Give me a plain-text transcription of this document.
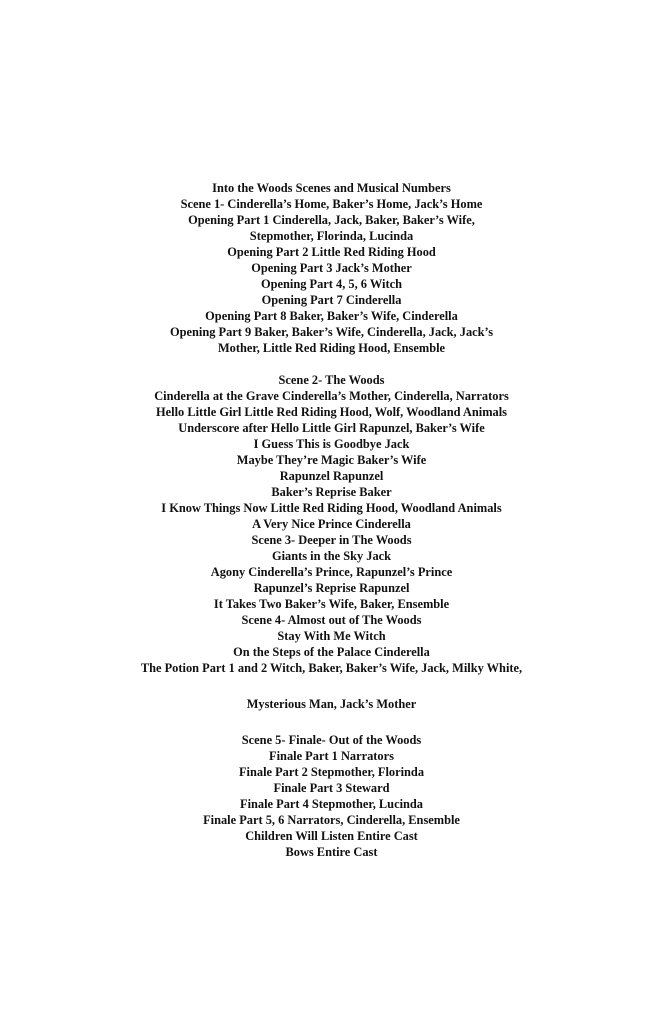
Into the Woods Scenes and Musical Numbers
Scene 1- Cinderella’s Home, Baker’s Home, Jack’s Home
Opening Part 1 Cinderella, Jack, Baker, Baker’s Wife,
Stepmother, Florinda, Lucinda
Opening Part 2 Little Red Riding Hood
Opening Part 3 Jack’s Mother
Opening Part 4, 5, 6 Witch
Opening Part 7 Cinderella
Opening Part 8 Baker, Baker’s Wife, Cinderella
Opening Part 9 Baker, Baker’s Wife, Cinderella, Jack, Jack’s
Mother, Little Red Riding Hood, Ensemble
Scene 2- The Woods
Cinderella at the Grave Cinderella’s Mother, Cinderella, Narrators
Hello Little Girl Little Red Riding Hood, Wolf, Woodland Animals
Underscore after Hello Little Girl Rapunzel, Baker’s Wife
I Guess This is Goodbye Jack
Maybe They’re Magic Baker’s Wife
Rapunzel Rapunzel
Baker’s Reprise Baker
I Know Things Now Little Red Riding Hood, Woodland Animals
A Very Nice Prince Cinderella
Scene 3- Deeper in The Woods
Giants in the Sky Jack
Agony Cinderella’s Prince, Rapunzel’s Prince
Rapunzel’s Reprise Rapunzel
It Takes Two Baker’s Wife, Baker, Ensemble
Scene 4- Almost out of The Woods
Stay With Me Witch
On the Steps of the Palace Cinderella
The Potion Part 1 and 2 Witch, Baker, Baker’s Wife, Jack, Milky White,
Mysterious Man, Jack’s Mother
Scene 5- Finale- Out of the Woods
Finale Part 1 Narrators
Finale Part 2 Stepmother, Florinda
Finale Part 3 Steward
Finale Part 4 Stepmother, Lucinda
Finale Part 5, 6 Narrators, Cinderella, Ensemble
Children Will Listen Entire Cast
Bows Entire Cast
